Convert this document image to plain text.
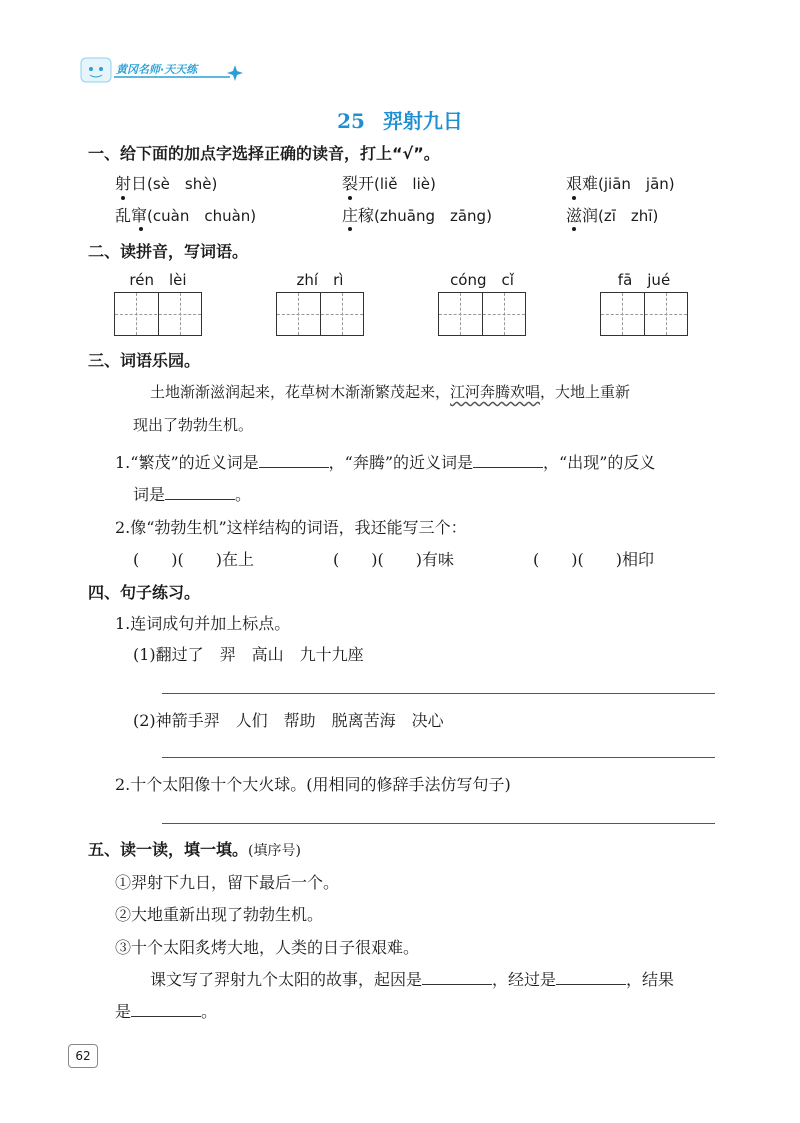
黄冈名师·天天练
25 羿射九日
一、给下面的加点字选择正确的读音，打上“√”。
射日(sè　shè)	裂开(liě　liè)	艰难(jiān　jān)
乱窜(cuàn　chuàn)	庄稼(zhuāng　zāng)	滋润(zī　zhī)
二、读拼音，写词语。
rén　lèi	zhí　rì	cóng　cǐ	fā　jué
三、词语乐园。
土地渐渐滋润起来，花草树木渐渐繁茂起来，江河奔腾欢唱，大地上重新
现出了勃勃生机。
1.“繁茂”的近义词是	，“奔腾”的近义词是	，“出现”的反义
词是	。
2.像“勃勃生机”这样结构的词语，我还能写三个：
(　　)(　　)在上	(　　)(　　)有味	(　　)(　　)相印
四、句子练习。
1.连词成句并加上标点。
(1)翻过了　羿　高山　九十九座
(2)神箭手羿　人们　帮助　脱离苦海　决心
2.十个太阳像十个大火球。(用相同的修辞手法仿写句子)
五、读一读，填一填。(填序号)
①羿射下九日，留下最后一个。
②大地重新出现了勃勃生机。
③十个太阳炙烤大地，人类的日子很艰难。
课文写了羿射九个太阳的故事，起因是	，经过是	，结果
是	。
62
